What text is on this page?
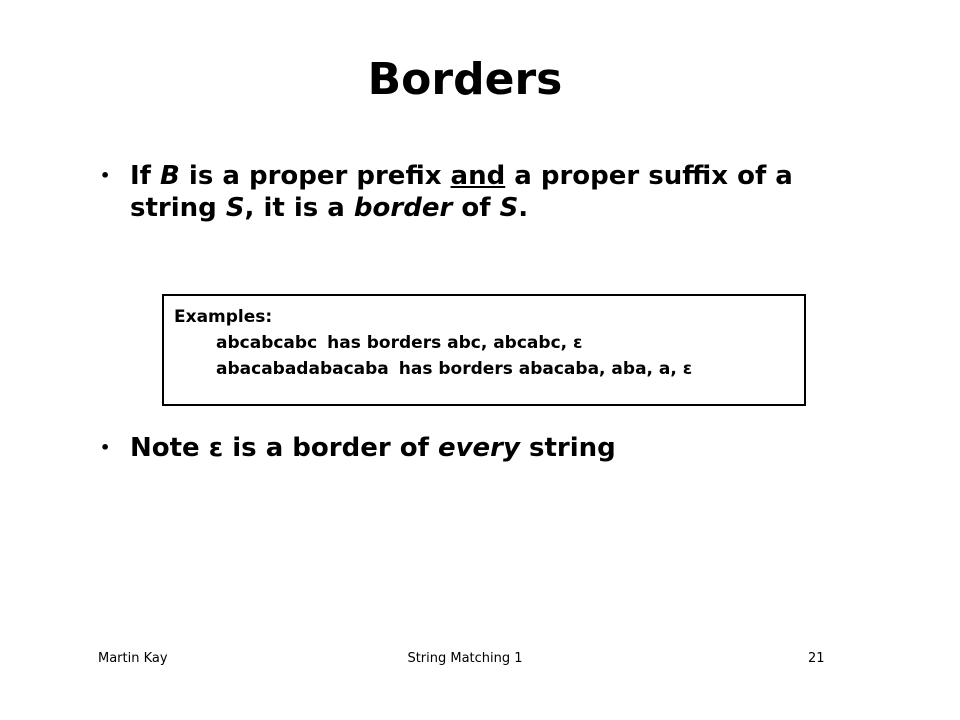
Borders
• If B is a proper prefix and a proper suffix of a string S, it is a border of S.
• Note ε is a border of every string
Examples:
abcabcabc has borders abc, abcabc, ε
abacabadabacaba has borders abacaba, aba, a, ε
Martin Kay	String Matching 1	21
